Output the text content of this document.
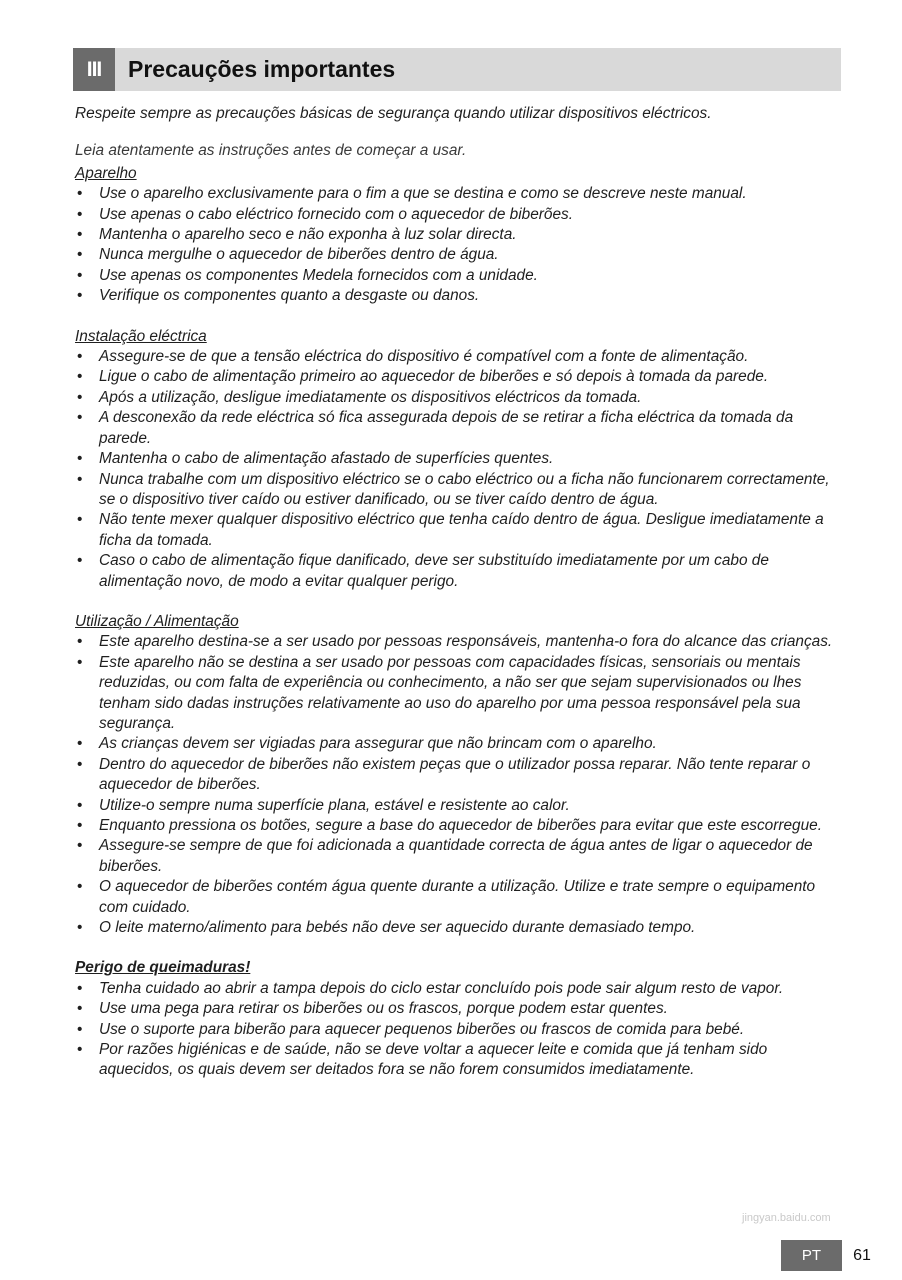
III	Precauções importantes

Respeite sempre as precauções básicas de segurança quando utilizar dispositivos eléctricos.

Leia atentamente as instruções antes de começar a usar.

Aparelho
• Use o aparelho exclusivamente para o fim a que se destina e como se descreve neste manual.
• Use apenas o cabo eléctrico fornecido com o aquecedor de biberões.
• Mantenha o aparelho seco e não exponha à luz solar directa.
• Nunca mergulhe o aquecedor de biberões dentro de água.
• Use apenas os componentes Medela fornecidos com a unidade.
• Verifique os componentes quanto a desgaste ou danos.
Instalação eléctrica
• Assegure-se de que a tensão eléctrica do dispositivo é compatível com a fonte de alimentação.
• Ligue o cabo de alimentação primeiro ao aquecedor de biberões e só depois à tomada da parede.
• Após a utilização, desligue imediatamente os dispositivos eléctricos da tomada.
• A desconexão da rede eléctrica só fica assegurada depois de se retirar a ficha eléctrica da tomada da parede.
• Mantenha o cabo de alimentação afastado de superfícies quentes.
• Nunca trabalhe com um dispositivo eléctrico se o cabo eléctrico ou a ficha não funcionarem correctamente, se o dispositivo tiver caído ou estiver danificado, ou se tiver caído dentro de água.
• Não tente mexer qualquer dispositivo eléctrico que tenha caído dentro de água. Desligue imediatamente a ficha da tomada.
• Caso o cabo de alimentação fique danificado, deve ser substituído imediatamente por um cabo de alimentação novo, de modo a evitar qualquer perigo.
Utilização / Alimentação
• Este aparelho destina-se a ser usado por pessoas responsáveis, mantenha-o fora do alcance das crianças.
• Este aparelho não se destina a ser usado por pessoas com capacidades físicas, sensoriais ou mentais reduzidas, ou com falta de experiência ou conhecimento, a não ser que sejam supervisionados ou lhes tenham sido dadas instruções relativamente ao uso do aparelho por uma pessoa responsável pela sua segurança.
• As crianças devem ser vigiadas para assegurar que não brincam com o aparelho.
• Dentro do aquecedor de biberões não existem peças que o utilizador possa reparar. Não tente reparar o aquecedor de biberões.
• Utilize-o sempre numa superfície plana, estável e resistente ao calor.
• Enquanto pressiona os botões, segure a base do aquecedor de biberões para evitar que este escorregue.
• Assegure-se sempre de que foi adicionada a quantidade correcta de água antes de ligar o aquecedor de biberões.
• O aquecedor de biberões contém água quente durante a utilização. Utilize e trate sempre o equipamento com cuidado.
• O leite materno/alimento para bebés não deve ser aquecido durante demasiado tempo.
Perigo de queimaduras!
• Tenha cuidado ao abrir a tampa depois do ciclo estar concluído pois pode sair algum resto de vapor.
• Use uma pega para retirar os biberões ou os frascos, porque podem estar quentes.
• Use o suporte para biberão para aquecer pequenos biberões ou frascos de comida para bebé.
• Por razões higiénicas e de saúde, não se deve voltar a aquecer leite e comida que já tenham sido aquecidos, os quais devem ser deitados fora se não forem consumidos imediatamente.
jingyan.baidu.com
PT	61
